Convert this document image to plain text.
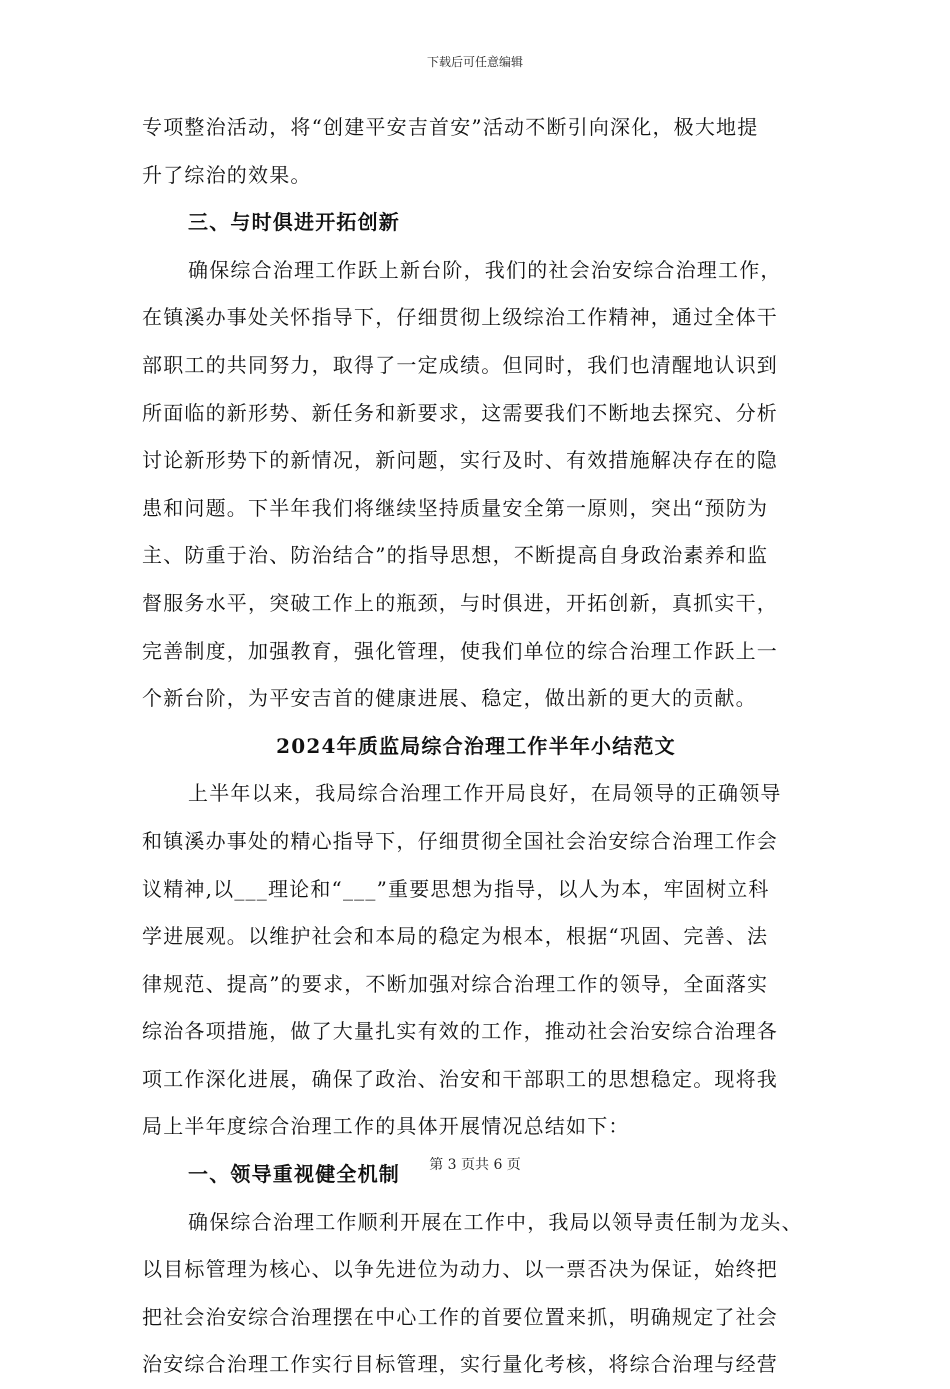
下载后可任意编辑
专项整治活动，将“创建平安吉首安”活动不断引向深化，极大地提
升了综治的效果。
三、与时俱进开拓创新
确保综合治理工作跃上新台阶，我们的社会治安综合治理工作，
在镇溪办事处关怀指导下，仔细贯彻上级综治工作精神，通过全体干
部职工的共同努力，取得了一定成绩。但同时，我们也清醒地认识到
所面临的新形势、新任务和新要求，这需要我们不断地去探究、分析
讨论新形势下的新情况，新问题，实行及时、有效措施解决存在的隐
患和问题。下半年我们将继续坚持质量安全第一原则，突出“预防为
主、防重于治、防治结合”的指导思想，不断提高自身政治素养和监
督服务水平，突破工作上的瓶颈，与时俱进，开拓创新，真抓实干，
完善制度，加强教育，强化管理，使我们单位的综合治理工作跃上一
个新台阶，为平安吉首的健康进展、稳定，做出新的更大的贡献。
2024年质监局综合治理工作半年小结范文
上半年以来，我局综合治理工作开局良好，在局领导的正确领导
和镇溪办事处的精心指导下，仔细贯彻全国社会治安综合治理工作会
议精神,以___理论和“___”重要思想为指导，以人为本，牢固树立科
学进展观。以维护社会和本局的稳定为根本，根据“巩固、完善、法
律规范、提高”的要求，不断加强对综合治理工作的领导，全面落实
综治各项措施，做了大量扎实有效的工作，推动社会治安综合治理各
项工作深化进展，确保了政治、治安和干部职工的思想稳定。现将我
局上半年度综合治理工作的具体开展情况总结如下：
一、领导重视健全机制
确保综合治理工作顺利开展在工作中，我局以领导责任制为龙头、
以目标管理为核心、以争先进位为动力、以一票否决为保证，始终把
把社会治安综合治理摆在中心工作的首要位置来抓，明确规定了社会
治安综合治理工作实行目标管理，实行量化考核，将综合治理与经营
第 3 页共 6 页
